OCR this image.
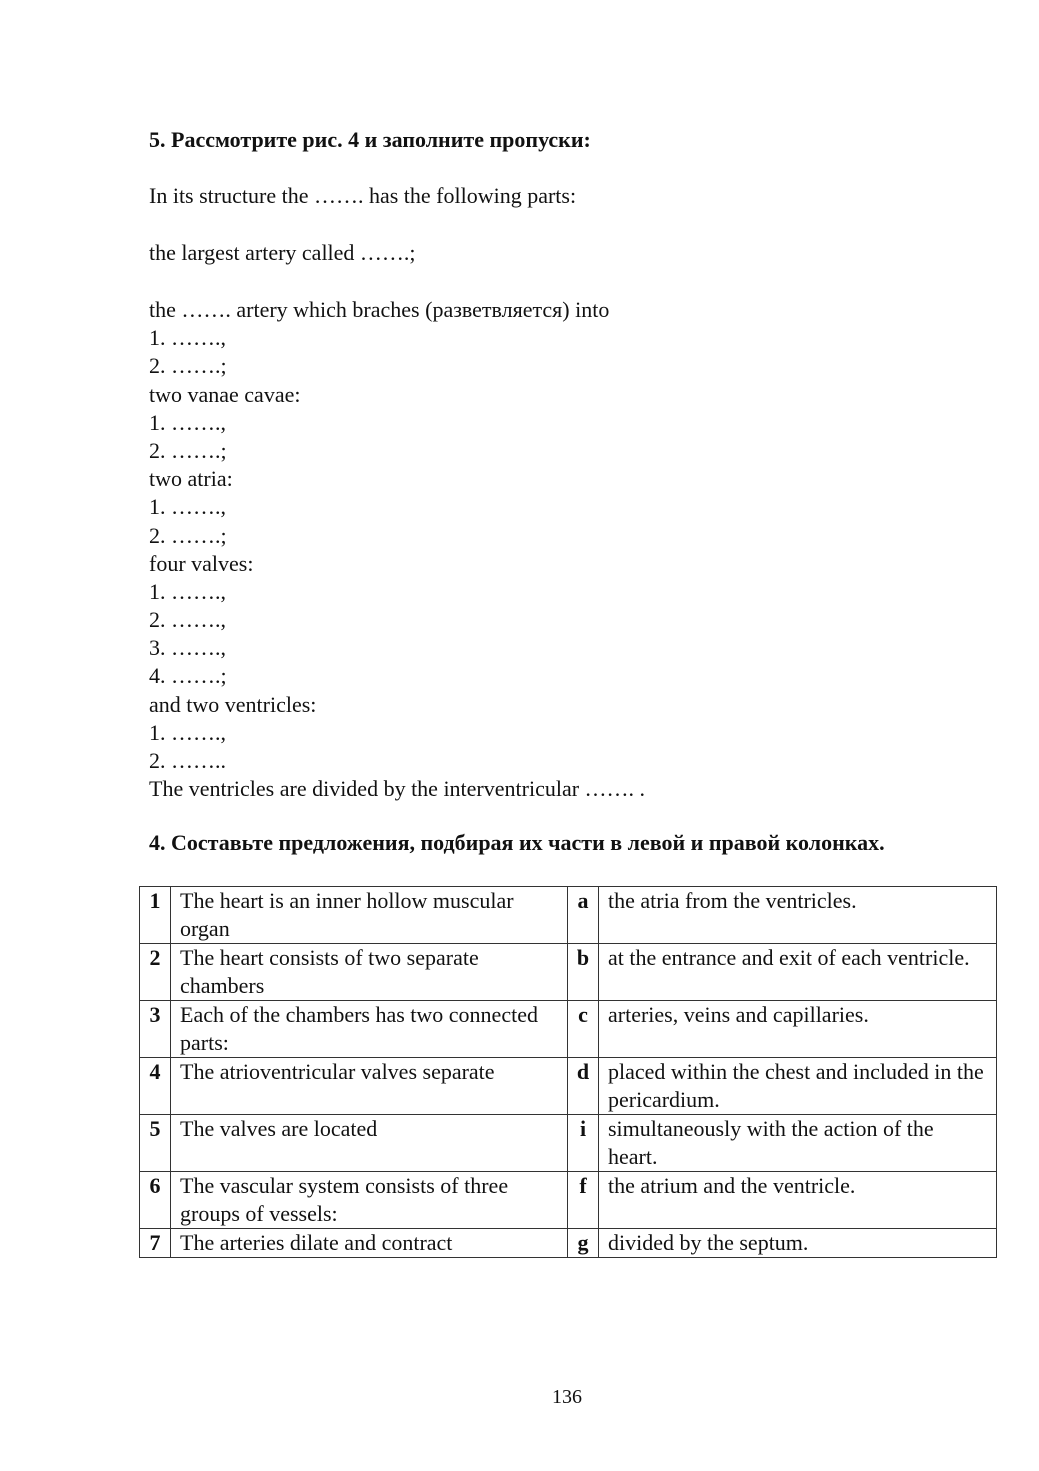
5. Рассмотрите рис. 4 и заполните пропуски:
In its structure the ……. has the following parts:
the largest artery called …….;
the ……. artery which braches (разветвляется) into
1. …….,
2. …….;
two vanae cavae:
1. …….,
2. …….;
two atria:
1. …….,
2. …….;
four valves:
1. …….,
2. …….,
3. …….,
4. …….;
and two ventricles:
1. …….,
2. ……..
The ventricles are divided by the interventricular ……. .
4. Составьте предложения, подбирая их части в левой и правой колонках.
1	The heart is an inner hollow muscular organ	a	the atria from the ventricles.
2	The heart consists of two separate chambers	b	at the entrance and exit of each ventricle.
3	Each of the chambers has two connected parts:	c	arteries, veins and capillaries.
4	The atrioventricular valves separate	d	placed within the chest and included in the pericardium.
5	The valves are located	i	simultaneously with the action of the heart.
6	The vascular system consists of three groups of vessels:	f	the atrium and the ventricle.
7	The arteries dilate and contract	g	divided by the septum.
136
